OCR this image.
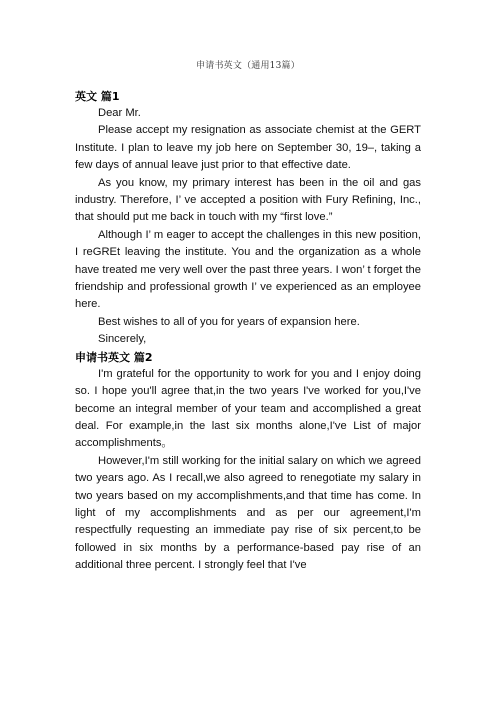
申请书英文（通用13篇）

英文 篇1

Dear Mr.

Please accept my resignation as associate chemist at the GERT Institute. I plan to leave my job here on September 30, 19–, taking a few days of annual leave just prior to that effective date.

As you know, my primary interest has been in the oil and gas industry. Therefore, I’ ve accepted a position with Fury Refining, Inc., that should put me back in touch with my “first love.”

Although I’ m eager to accept the challenges in this new position, I reGREt leaving the institute. You and the organization as a whole have treated me very well over the past three years. I won’ t forget the friendship and professional growth I’ ve experienced as an employee here.

Best wishes to all of you for years of expansion here.

Sincerely,

申请书英文 篇2

I'm grateful for the opportunity to work for you and I enjoy doing so. I hope you'll agree that,in the two years I've worked for you,I've become an integral member of your team and accomplished a great deal. For example,in the last six months alone,I've List of major accomplishments。

However,I'm still working for the initial salary on which we agreed two years ago. As I recall,we also agreed to renegotiate my salary in two years based on my accomplishments,and that time has come. In light of my accomplishments and as per our agreement,I'm respectfully requesting an immediate pay rise of six percent,to be followed in six months by a performance-based pay rise of an additional three percent. I strongly feel that I've
